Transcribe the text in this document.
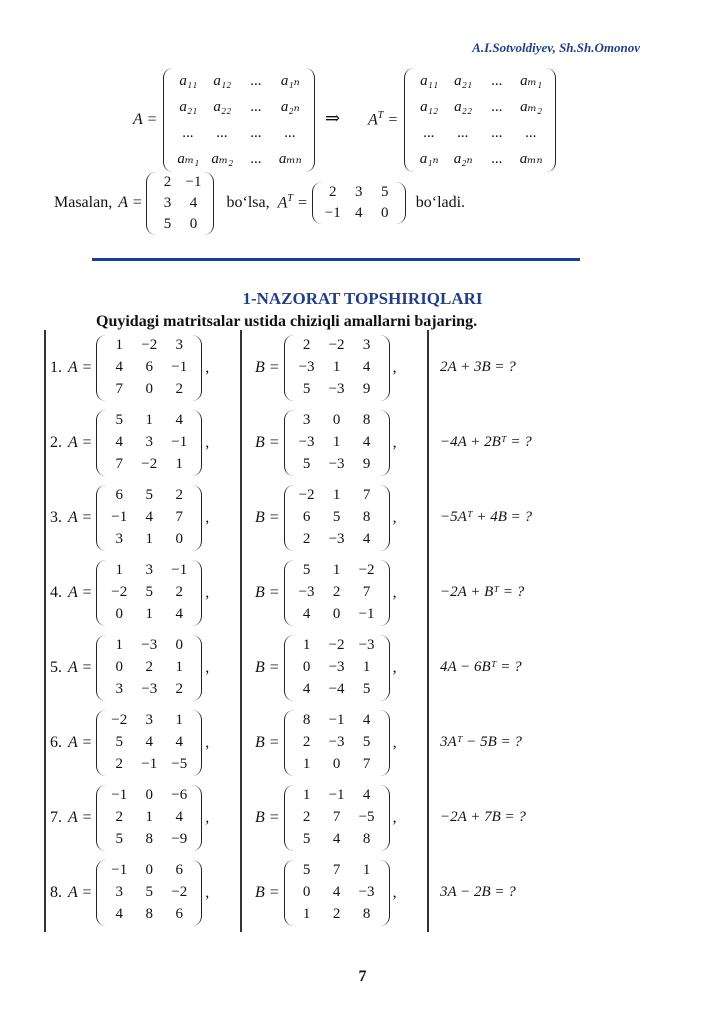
A.I.Sotvoldiyev, Sh.Sh.Omonov
A =
a₁₁	a₁₂	...	a₁ₙ
a₂₁	a₂₂	...	a₂ₙ
...	...	...	...
aₘ₁	aₘ₂	...	aₘₙ
⇒ $A^T$ =
a₁₁	a₂₁	...	aₘ₁
a₁₂	a₂₂	...	aₘ₂
...	...	...	...
a₁ₙ	a₂ₙ	...	aₘₙ
Masalan, A =
2	−1
3	4
5	0
bo‘lsa, $A^T$ =
2	3	5
−1	4	0
bo‘ladi.
1-NAZORAT TOPSHIRIQLARI
Quyidagi matritsalar ustida chiziqli amallarni bajaring.
1. A =
1	−2	3
4	6	−1
7	0	2
,	B =
2	−2	3
−3	1	4
5	−3	9
,	2A + 3B = ?
2. A =
5	1	4
4	3	−1
7	−2	1
,	B =
3	0	8
−3	1	4
5	−3	9
,	−4A + 2Bᵀ = ?
3. A =
6	5	2
−1	4	7
3	1	0
,	B =
−2	1	7
6	5	8
2	−3	4
,	−5Aᵀ + 4B = ?
4. A =
1	3	−1
−2	5	2
0	1	4
,	B =
5	1	−2
−3	2	7
4	0	−1
,	−2A + Bᵀ = ?
5. A =
1	−3	0
0	2	1
3	−3	2
,	B =
1	−2	−3
0	−3	1
4	−4	5
,	4A − 6Bᵀ = ?
6. A =
−2	3	1
5	4	4
2	−1	−5
,	B =
8	−1	4
2	−3	5
1	0	7
,	3Aᵀ − 5B = ?
7. A =
−1	0	−6
2	1	4
5	8	−9
,	B =
1	−1	4
2	7	−5
5	4	8
,	−2A + 7B = ?
8. A =
−1	0	6
3	5	−2
4	8	6
,	B =
5	7	1
0	4	−3
1	2	8
,	3A − 2B = ?
7
